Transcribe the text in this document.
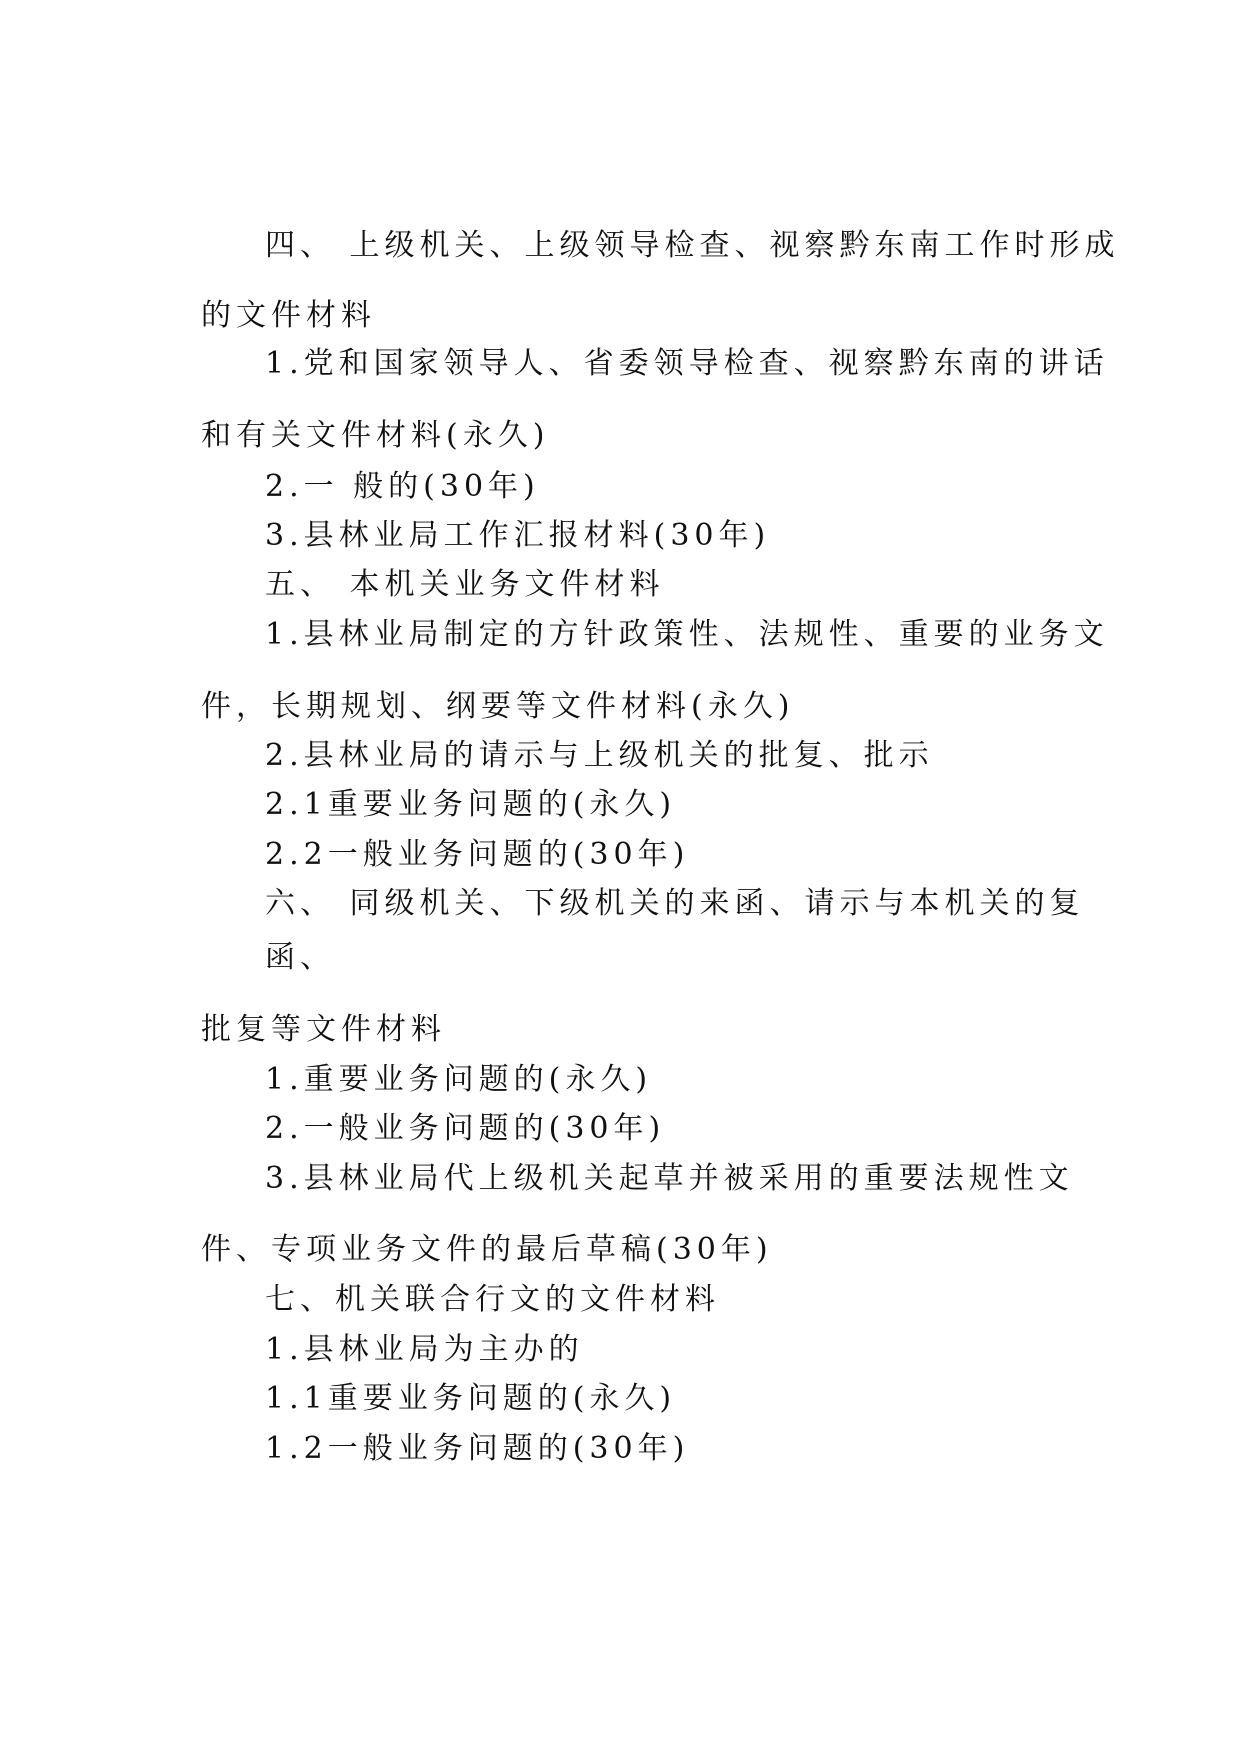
四、 上级机关、上级领导检查、视察黔东南工作时形成
的文件材料
1.党和国家领导人、省委领导检查、视察黔东南的讲话
和有关文件材料(永久)
2.一 般的(30年)
3.县林业局工作汇报材料(30年)
五、 本机关业务文件材料
1.县林业局制定的方针政策性、法规性、重要的业务文
件，长期规划、纲要等文件材料(永久)
2.县林业局的请示与上级机关的批复、批示
2.1重要业务问题的(永久)
2.2一般业务问题的(30年)
六、 同级机关、下级机关的来函、请示与本机关的复
函、
批复等文件材料
1.重要业务问题的(永久)
2.一般业务问题的(30年)
3.县林业局代上级机关起草并被采用的重要法规性文
件、专项业务文件的最后草稿(30年)
七、机关联合行文的文件材料
1.县林业局为主办的
1.1重要业务问题的(永久)
1.2一般业务问题的(30年)
